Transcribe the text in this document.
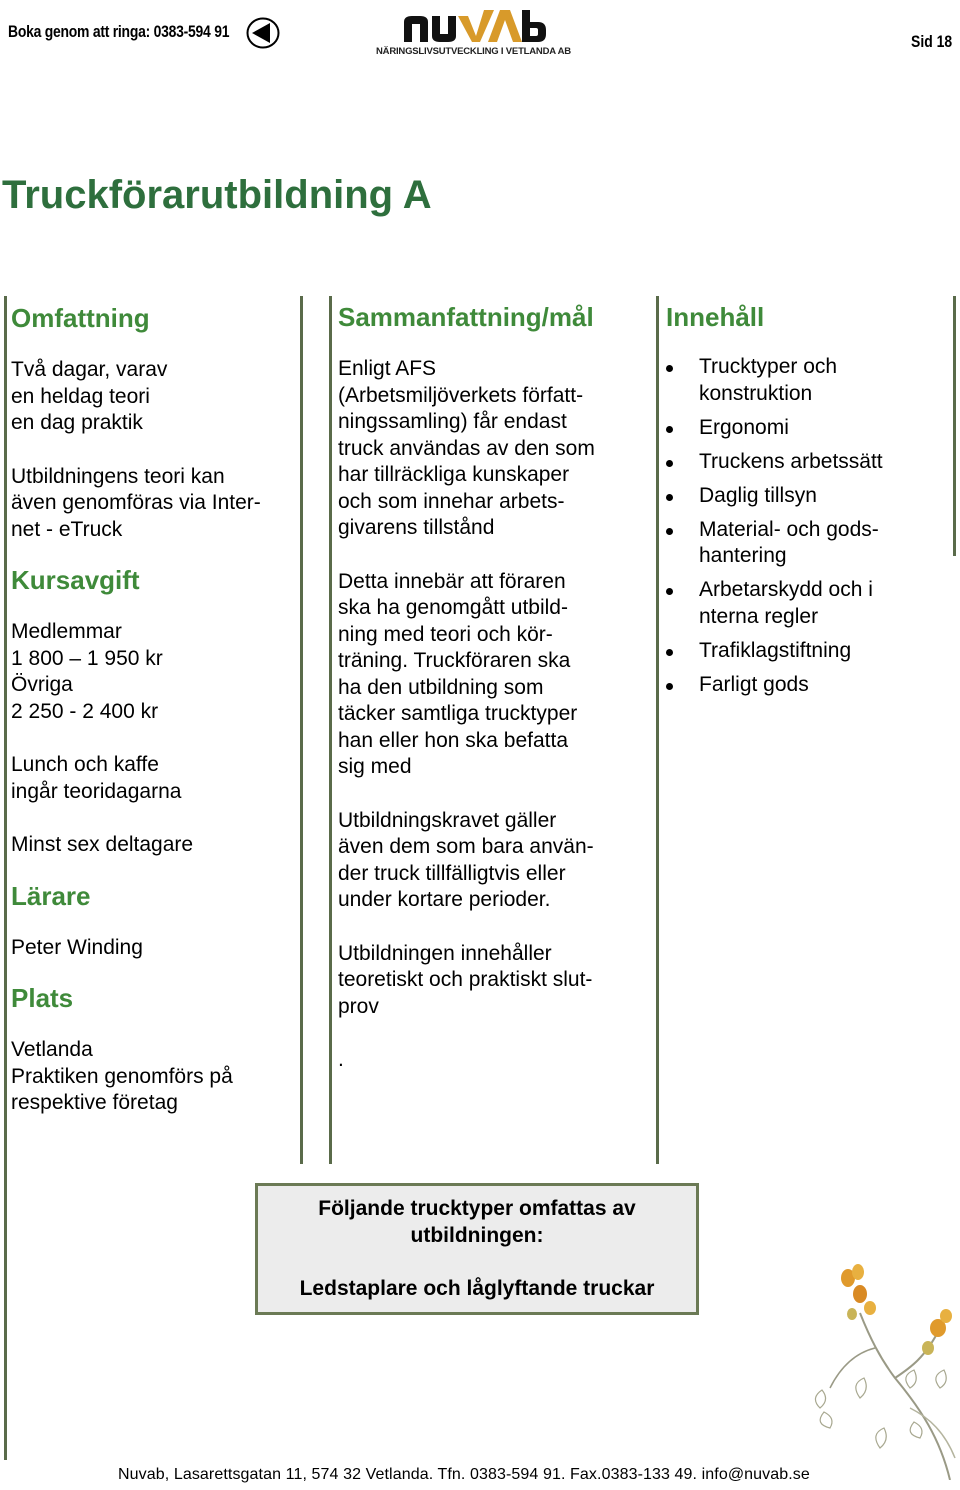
Boka genom att ringa: 0383-594 91
NÄRINGSLIVSUTVECKLING I VETLANDA AB
Sid 18
Truckförarutbildning A
Omfattning

Två dagar, varav
en heldag teori
en dag praktik

Utbildningens teori kan
även genomföras via Inter-
net - eTruck

Kursavgift

Medlemmar
1 800 – 1 950 kr
Övriga
2 250 - 2 400 kr

Lunch och kaffe
ingår teoridagarna

Minst sex deltagare

Lärare

Peter Winding

Plats

Vetlanda
Praktiken genomförs på
respektive företag

Sammanfattning/mål

Enligt AFS
(Arbetsmiljöverkets författ-
ningssamling) får endast
truck användas av den som
har tillräckliga kunskaper
och som innehar arbets-
givarens tillstånd

Detta innebär att föraren
ska ha genomgått utbild-
ning med teori och kör-
träning. Truckföraren ska
ha den utbildning som
täcker samtliga trucktyper
han eller hon ska befatta
sig med

Utbildningskravet gäller
även dem som bara använ-
der truck tillfälligtvis eller
under kortare perioder.

Utbildningen innehåller
teoretiskt och praktiskt slut-
prov

.

Innehåll
Trucktyper och
konstruktion
Ergonomi
Truckens arbetssätt
Daglig tillsyn
Material- och gods-
hantering
Arbetarskydd och i
nterna regler
Trafiklagstiftning
Farligt gods
Följande trucktyper omfattas av
utbildningen:
Ledstaplare och låglyftande truckar
Nuvab, Lasarettsgatan 11, 574 32 Vetlanda. Tfn. 0383-594 91. Fax.0383-133 49. info@nuvab.se
